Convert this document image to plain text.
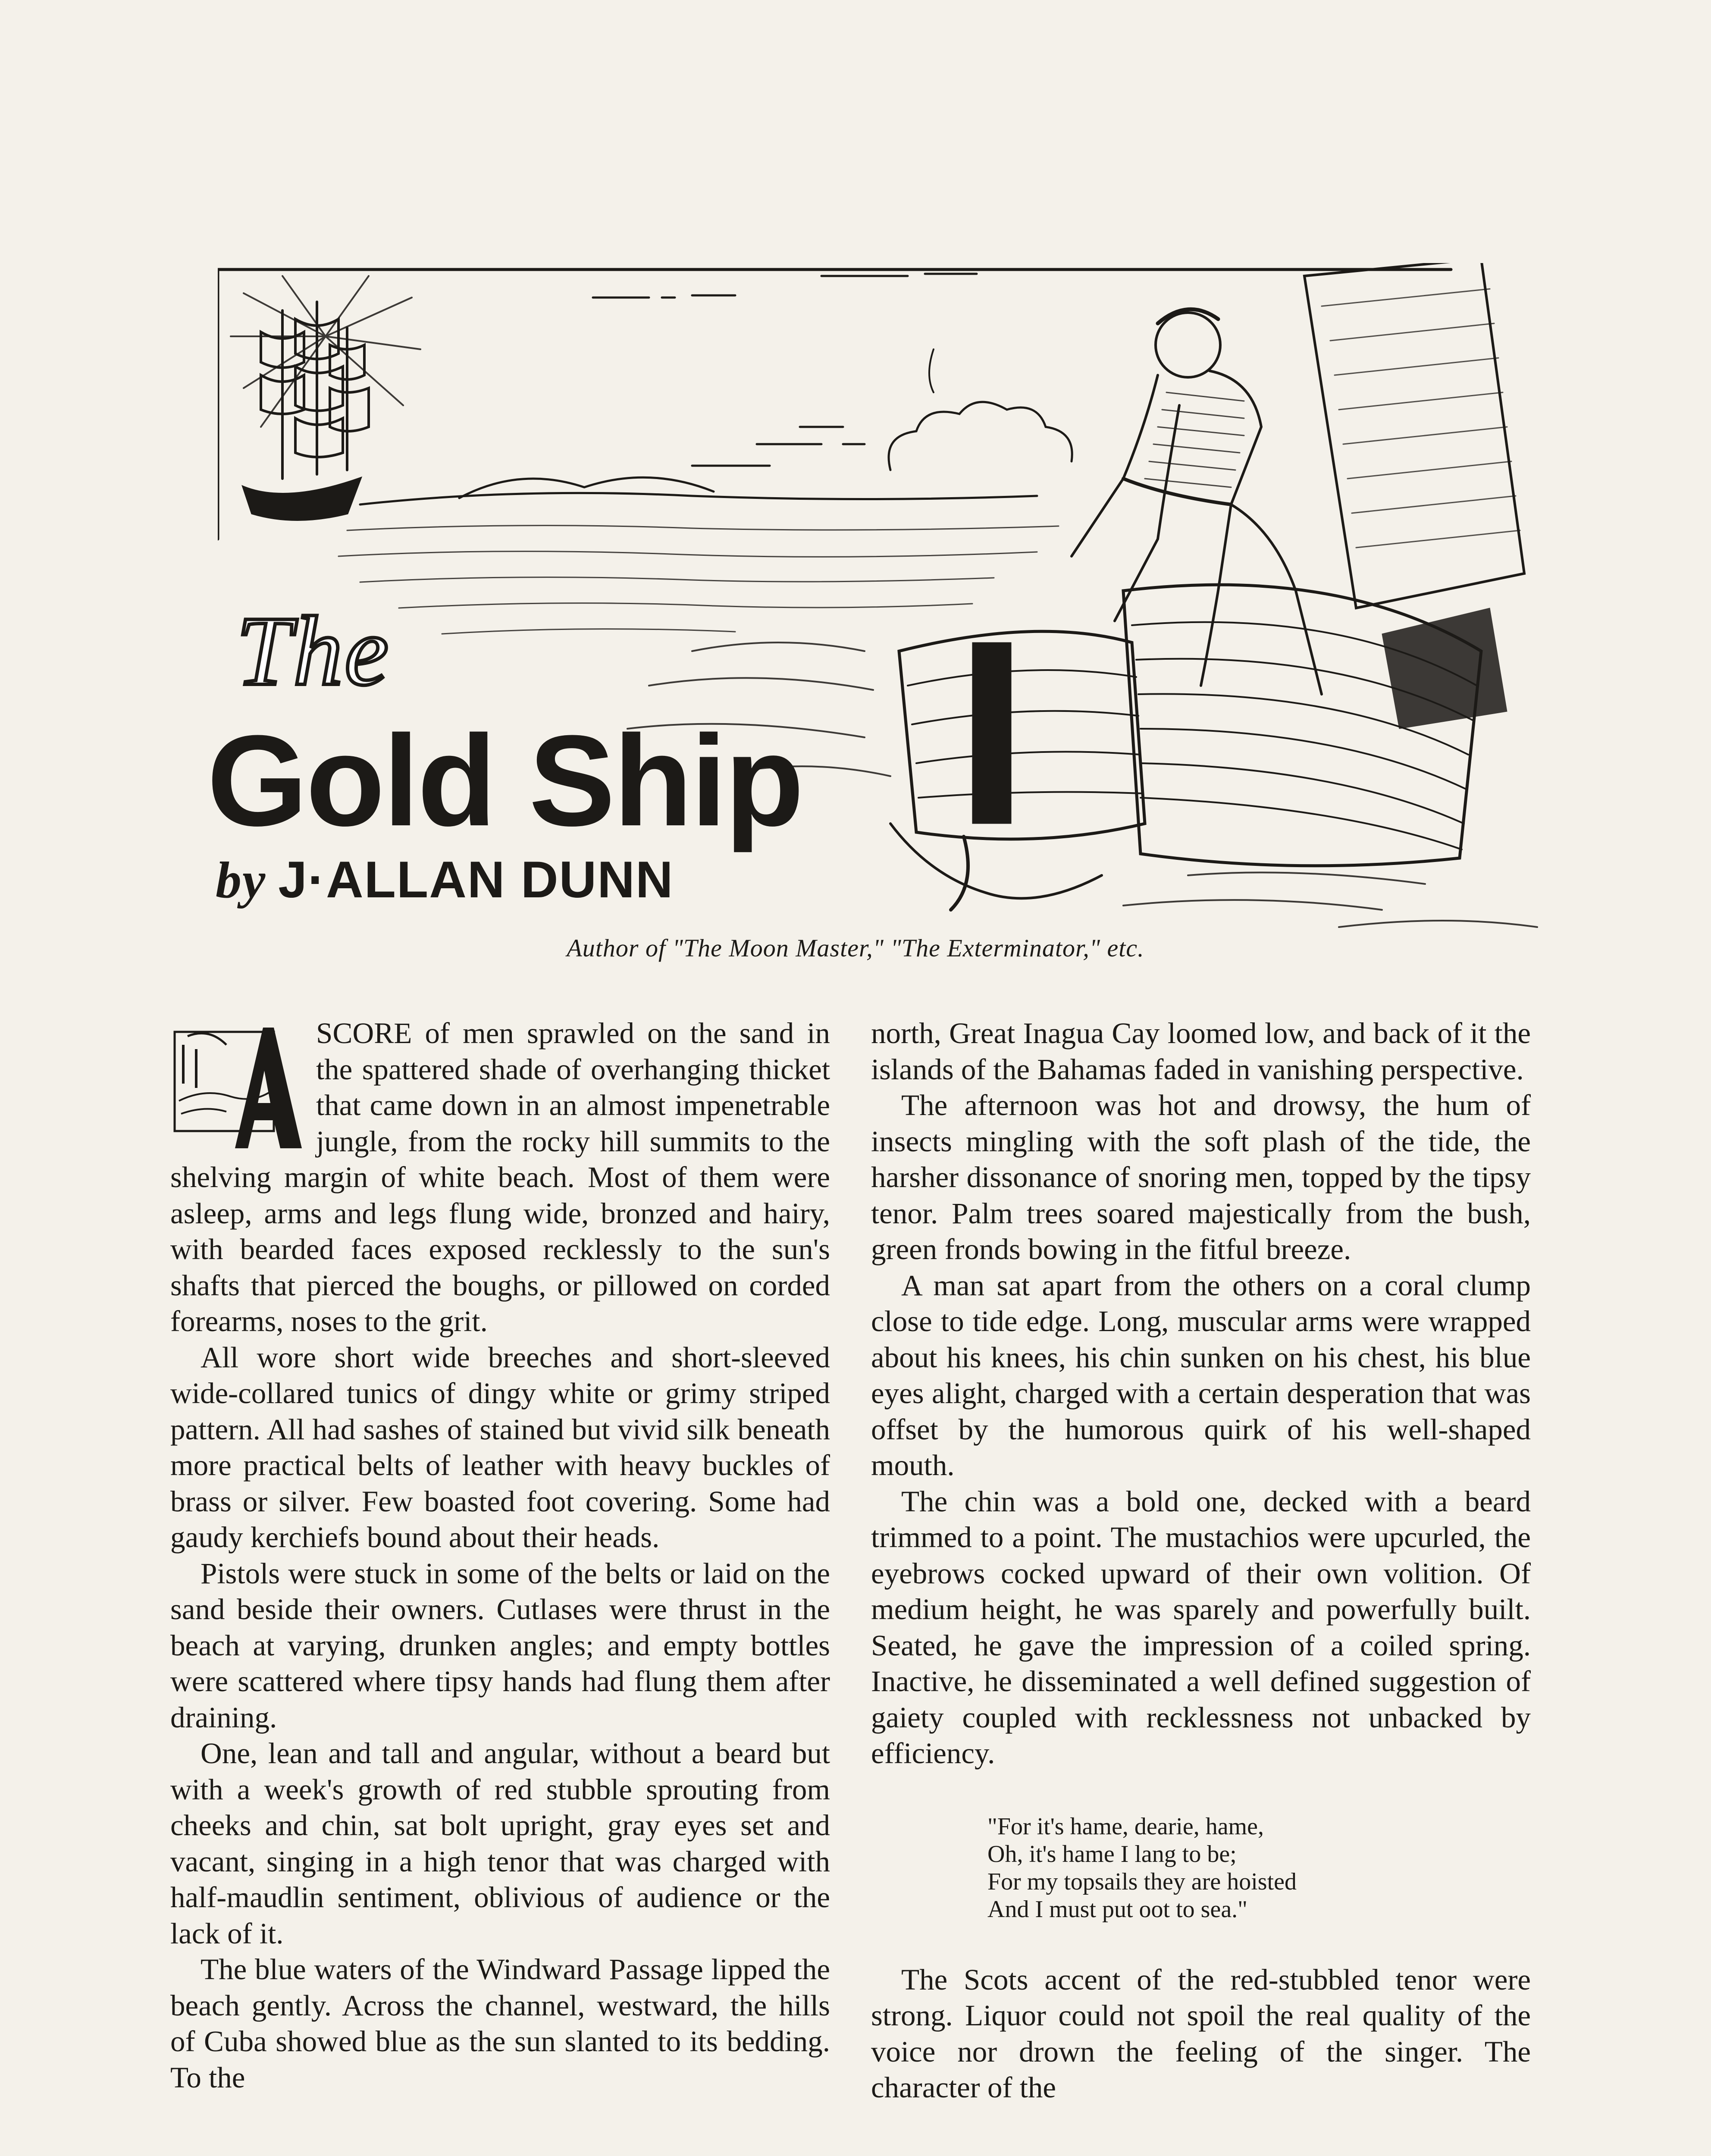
The
Gold Ship
by J·ALLAN DUNN
Author of "The Moon Master," "The Exterminator," etc.

SCORE of men sprawled on the sand in the spattered shade of overhanging thicket that came down in an almost impenetrable jungle, from the rocky hill summits to the shelving margin of white beach. Most of them were asleep, arms and legs flung wide, bronzed and hairy, with bearded faces exposed recklessly to the sun's shafts that pierced the boughs, or pillowed on corded forearms, noses to the grit.

All wore short wide breeches and short-sleeved wide-collared tunics of dingy white or grimy striped pattern. All had sashes of stained but vivid silk beneath more practical belts of leather with heavy buckles of brass or silver. Few boasted foot covering. Some had gaudy kerchiefs bound about their heads.

Pistols were stuck in some of the belts or laid on the sand beside their owners. Cutlases were thrust in the beach at varying, drunken angles; and empty bottles were scattered where tipsy hands had flung them after draining.

One, lean and tall and angular, without a beard but with a week's growth of red stubble sprouting from cheeks and chin, sat bolt upright, gray eyes set and vacant, singing in a high tenor that was charged with half-maudlin sentiment, oblivious of audience or the lack of it.

The blue waters of the Windward Passage lipped the beach gently. Across the channel, westward, the hills of Cuba showed blue as the sun slanted to its bedding. To the

north, Great Inagua Cay loomed low, and back of it the islands of the Bahamas faded in vanishing perspective.

The afternoon was hot and drowsy, the hum of insects mingling with the soft plash of the tide, the harsher dissonance of snoring men, topped by the tipsy tenor. Palm trees soared majestically from the bush, green fronds bowing in the fitful breeze.

A man sat apart from the others on a coral clump close to tide edge. Long, muscular arms were wrapped about his knees, his chin sunken on his chest, his blue eyes alight, charged with a certain desperation that was offset by the humorous quirk of his well-shaped mouth.

The chin was a bold one, decked with a beard trimmed to a point. The mustachios were upcurled, the eyebrows cocked upward of their own volition. Of medium height, he was sparely and powerfully built. Seated, he gave the impression of a coiled spring. Inactive, he disseminated a well defined suggestion of gaiety coupled with recklessness not unbacked by efficiency.

"For it's hame, dearie, hame,
Oh, it's hame I lang to be;
For my topsails they are hoisted
And I must put oot to sea."

The Scots accent of the red-stubbled tenor were strong. Liquor could not spoil the real quality of the voice nor drown the feeling of the singer. The character of the
